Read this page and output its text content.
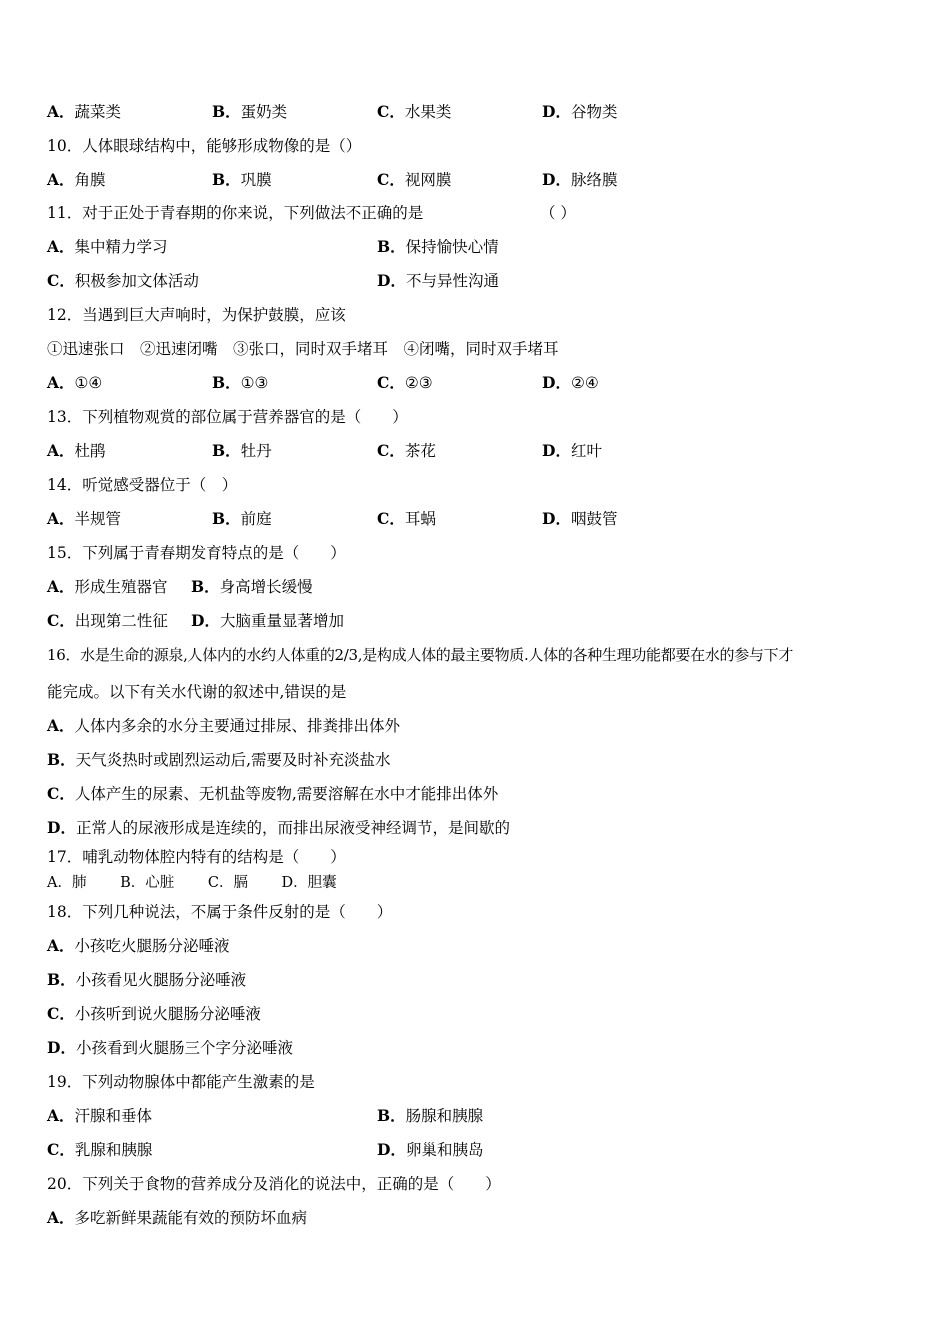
A．蔬菜类	B．蛋奶类	C．水果类	D．谷物类
10．人体眼球结构中，能够形成物像的是（）
A．角膜	B．巩膜	C．视网膜	D．脉络膜
11．对于正处于青春期的你来说，下列做法不正确的是	（ ）
A．集中精力学习	B．保持愉快心情
C．积极参加文体活动	D．不与异性沟通
12．当遇到巨大声响时，为保护鼓膜，应该
①迅速张口　②迅速闭嘴　③张口，同时双手堵耳　④闭嘴，同时双手堵耳
A．①④	B．①③	C．②③	D．②④
13．下列植物观赏的部位属于营养器官的是（　　）
A．杜鹃	B．牡丹	C．茶花	D．红叶
14．听觉感受器位于（　）
A．半规管	B．前庭	C．耳蜗	D．咽鼓管
15．下列属于青春期发育特点的是（　　）
A．形成生殖器官 B．身高增长缓慢
C．出现第二性征 D．大脑重量显著增加
16．水是生命的源泉,人体内的水约人体重的2/3,是构成人体的最主要物质.人体的各种生理功能都要在水的参与下才
能完成。以下有关水代谢的叙述中,错误的是
A．人体内多余的水分主要通过排尿、排粪排出体外
B．天气炎热时或剧烈运动后,需要及时补充淡盐水
C．人体产生的尿素、无机盐等废物,需要溶解在水中才能排出体外
D．正常人的尿液形成是连续的，而排出尿液受神经调节，是间歇的
17．哺乳动物体腔内特有的结构是（　　）
A．肺　　 B．心脏　　 C．膈　　 D．胆囊
18．下列几种说法，不属于条件反射的是（　　）
A．小孩吃火腿肠分泌唾液
B．小孩看见火腿肠分泌唾液
C．小孩听到说火腿肠分泌唾液
D．小孩看到火腿肠三个字分泌唾液
19．下列动物腺体中都能产生激素的是
A．汗腺和垂体	B．肠腺和胰腺
C．乳腺和胰腺	D．卵巢和胰岛
20．下列关于食物的营养成分及消化的说法中，正确的是（　　）
A．多吃新鲜果蔬能有效的预防坏血病
